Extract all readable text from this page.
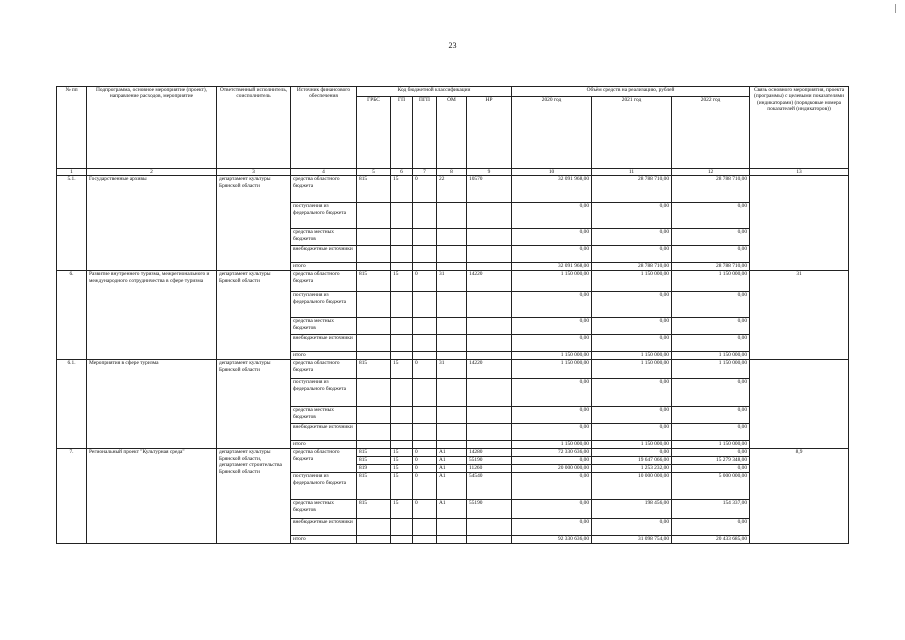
23
№ пп	Подпрограмма, основное мероприятие (проект), направление расходов, мероприятие	Ответственный исполнитель, соисполнитель	Источник финансового обеспечения	Код бюджетной классификации					Объём средств на реализацию, рублей			Связь основного мероприятия, проекта (программы) с целевыми показателями (индикаторами) (порядковые номера показателей (индикаторов))
				ГРБС	ГП	ПГП	ОМ	НР	2020 год	2021 год	2022 год	
1	2	3	4	5	6	7	8	9	10	11	12	13
5.1.	Государственные архивы	департамент культуры Брянской области	средства областного бюджета	815	15	0	22	10570	32 091 968,00	28 788 710,00	28 788 710,00	
			поступления из федерального бюджета						0,00	0,00	0,00	
			средства местных бюджетов						0,00	0,00	0,00	
			внебюджетные источники						0,00	0,00	0,00	
			итого						32 091 968,00	28 788 710,00	28 788 710,00	
6.	Развитие внутреннего туризма, межрегионального и международного сотрудничества в сфере туризма	департамент культуры Брянской области	средства областного бюджета	815	15	0	31	14220	1 150 000,00	1 150 000,00	1 150 000,00	31
			поступления из федерального бюджета						0,00	0,00	0,00	
			средства местных бюджетов						0,00	0,00	0,00	
			внебюджетные источники						0,00	0,00	0,00	
			итого						1 150 000,00	1 150 000,00	1 150 000,00	
6.1.	Мероприятия в сфере туризма	департамент культуры Брянской области	средства областного бюджета	815	15	0	31	14220	1 150 000,00	1 150 000,00	1 150 000,00	
			поступления из федерального бюджета						0,00	0,00	0,00	
			средства местных бюджетов						0,00	0,00	0,00	
			внебюджетные источники						0,00	0,00	0,00	
			итого						1 150 000,00	1 150 000,00	1 150 000,00	
7.	Региональный проект "Культурная среда"	департамент культуры Брянской области, департамент строительства Брянской области	средства областного бюджета	815	15	0	A1	14280	72 330 636,00	0,00	0,00	8,9
				815	15	0	A1	55190	0,00	19 647 066,00	15 279 348,00	
				819	15	0	A1	11260	20 000 000,00	1 253 232,00	0,00	
			поступления из федерального бюджета	815	15	0	A1	54540	0,00	10 000 000,00	5 000 000,00	
			средства местных бюджетов	815	15	0	A1	55190	0,00	198 456,00	154 337,00	
			внебюджетные источники						0,00	0,00	0,00	
			итого						92 330 636,00	31 098 754,00	20 433 685,00	
